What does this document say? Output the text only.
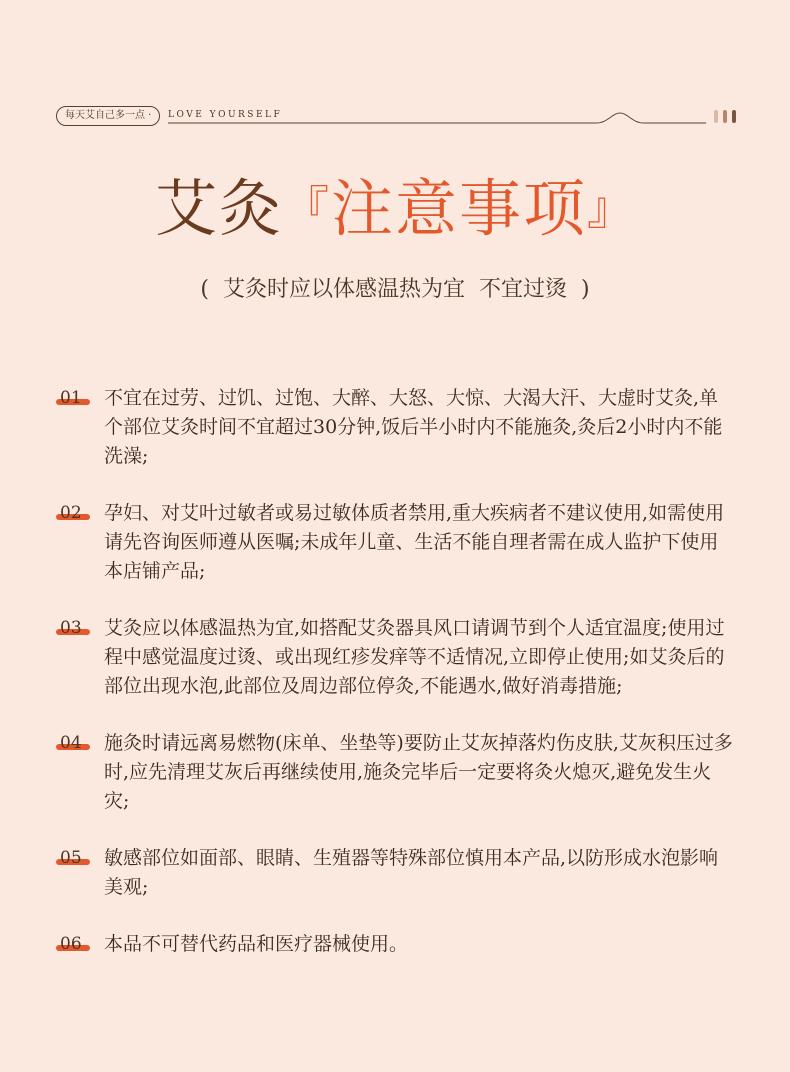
每天艾自己多一点 ·	LOVE YOURSELF
艾灸『注意事项』
(  艾灸时应以体感温热为宜  不宜过烫  )
01 不宜在过劳、过饥、过饱、大醉、大怒、大惊、大渴大汗、大虚时艾灸,单个部位艾灸时间不宜超过30分钟,饭后半小时内不能施灸,灸后2小时内不能洗澡;
02 孕妇、对艾叶过敏者或易过敏体质者禁用,重大疾病者不建议使用,如需使用请先咨询医师遵从医嘱;未成年儿童、生活不能自理者需在成人监护下使用本店铺产品;
03 艾灸应以体感温热为宜,如搭配艾灸器具风口请调节到个人适宜温度;使用过程中感觉温度过烫、或出现红疹发痒等不适情况,立即停止使用;如艾灸后的部位出现水泡,此部位及周边部位停灸,不能遇水,做好消毒措施;
04 施灸时请远离易燃物(床单、坐垫等)要防止艾灰掉落灼伤皮肤,艾灰积压过多时,应先清理艾灰后再继续使用,施灸完毕后一定要将灸火熄灭,避免发生火灾;
05 敏感部位如面部、眼睛、生殖器等特殊部位慎用本产品,以防形成水泡影响美观;
06 本品不可替代药品和医疗器械使用。
